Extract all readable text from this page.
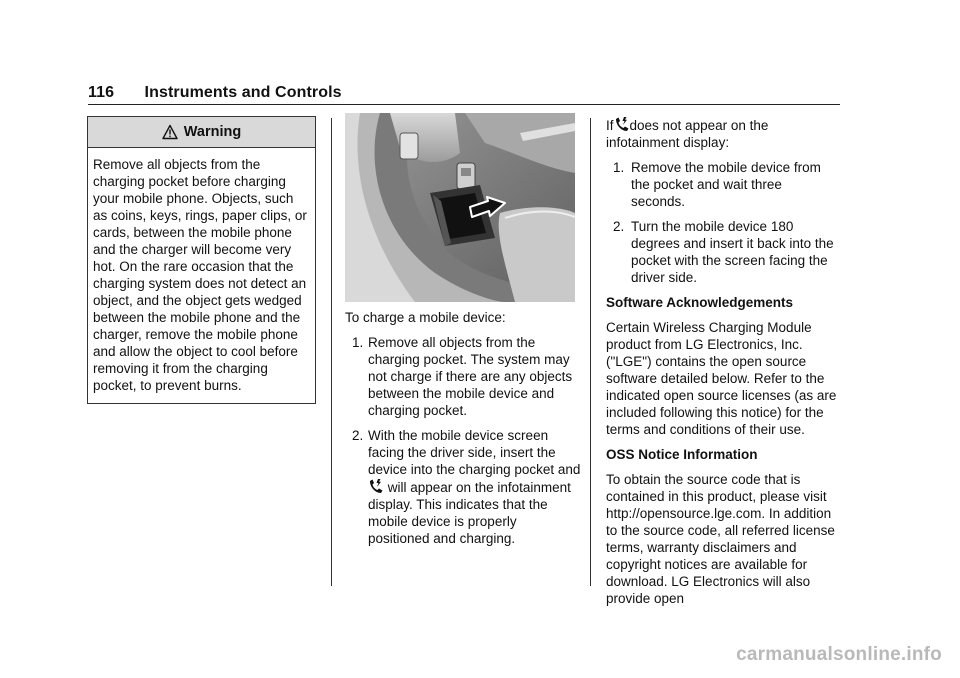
116 Instruments and Controls
Warning
Remove all objects from the charging pocket before charging your mobile phone. Objects, such as coins, keys, rings, paper clips, or cards, between the mobile phone and the charger will become very hot. On the rare occasion that the charging system does not detect an object, and the object gets wedged between the mobile phone and the charger, remove the mobile phone and allow the object to cool before removing it from the charging pocket, to prevent burns.

To charge a mobile device:

1. Remove all objects from the charging pocket. The system may not charge if there are any objects between the mobile device and charging pocket.
2. With the mobile device screen facing the driver side, insert the device into the charging pocket and  will appear on the infotainment display. This indicates that the mobile device is properly positioned and charging.

If does not appear on the infotainment display:

1. Remove the mobile device from the pocket and wait three seconds.
2. Turn the mobile device 180 degrees and insert it back into the pocket with the screen facing the driver side.

Software Acknowledgements

Certain Wireless Charging Module product from LG Electronics, Inc. ("LGE") contains the open source software detailed below. Refer to the indicated open source licenses (as are included following this notice) for the terms and conditions of their use.

OSS Notice Information

To obtain the source code that is contained in this product, please visit http://opensource.lge.com. In addition to the source code, all referred license terms, warranty disclaimers and copyright notices are available for download. LG Electronics will also provide open

carmanualsonline.info
